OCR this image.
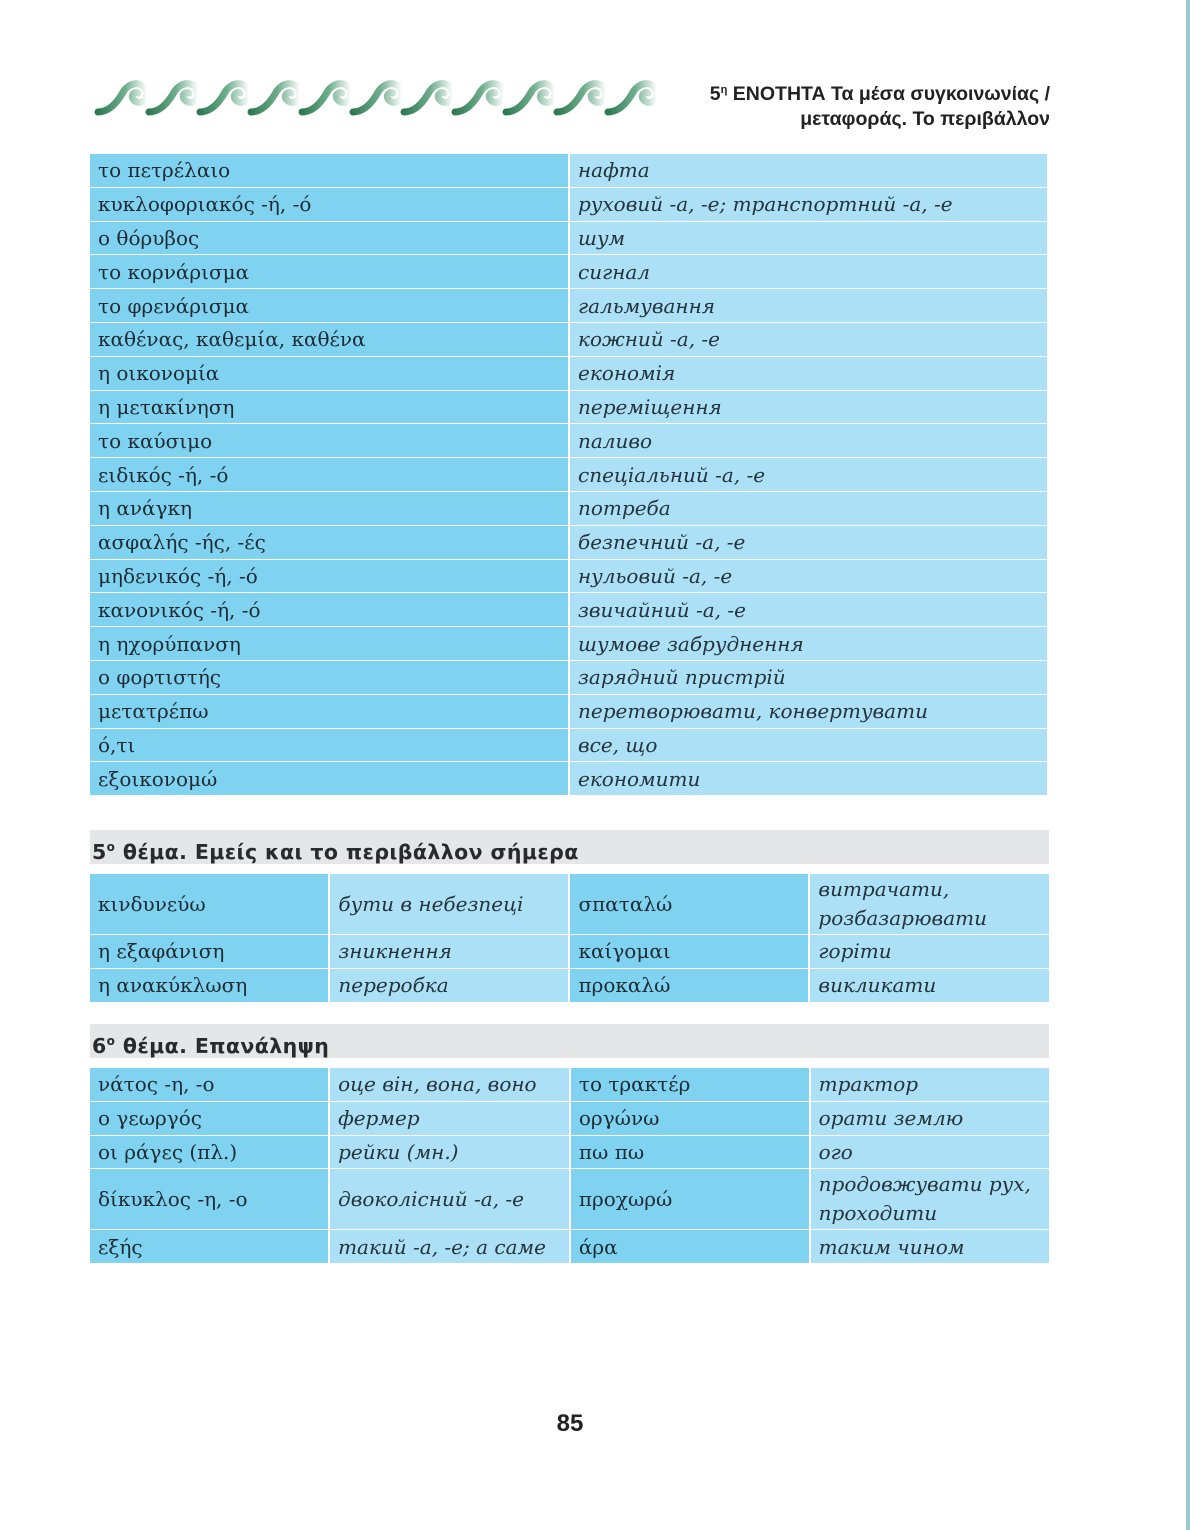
$5^\eta$ ΕΝΟΤΗΤΑ Τα μέσα συγκοινωνίας /
μεταφοράς. Το περιβάλλον
το πετρέλαιο	нафта
κυκλοφοριακός -ή, -ό	руховий -а, -е; транспортний -а, -е
ο θόρυβος	шум
το κορνάρισμα	сигнал
το φρενάρισμα	гальмування
καθένας, καθεμία, καθένα	кожний -а, -е
η οικονομία	економія
η μετακίνηση	переміщення
το καύσιμο	паливо
ειδικός -ή, -ό	спеціальний -а, -е
η ανάγκη	потреба
ασφαλής -ής, -ές	безпечний -а, -е
μηδενικός -ή, -ό	нульовий -а, -е
κανονικός -ή, -ό	звичайний -а, -е
η ηχορύπανση	шумове забруднення
ο φορτιστής	зарядний пристрій
μετατρέπω	перетворювати, конвертувати
ό,τι	все, що
εξοικονομώ	економити
$5^o$ θέμα. Εμείς και το περιβάλλον σήμερα
κινδυνεύω	бути в небезпеці	σπαταλώ	витрачати, розбазарювати
η εξαφάνιση	зникнення	καίγομαι	горіти
η ανακύκλωση	переробка	προκαλώ	викликати
$6^o$ θέμα. Επανάληψη
νάτος -η, -ο	оце він, вона, воно	το τρακτέρ	трактор
ο γεωργός	фермер	οργώνω	орати землю
οι ράγες (πλ.)	рейки (мн.)	πω πω	ого
δίκυκλος -η, -ο	двоколісний -а, -е	προχωρώ	продовжувати рух, проходити
εξής	такий -а, -е; а саме	άρα	таким чином
85
